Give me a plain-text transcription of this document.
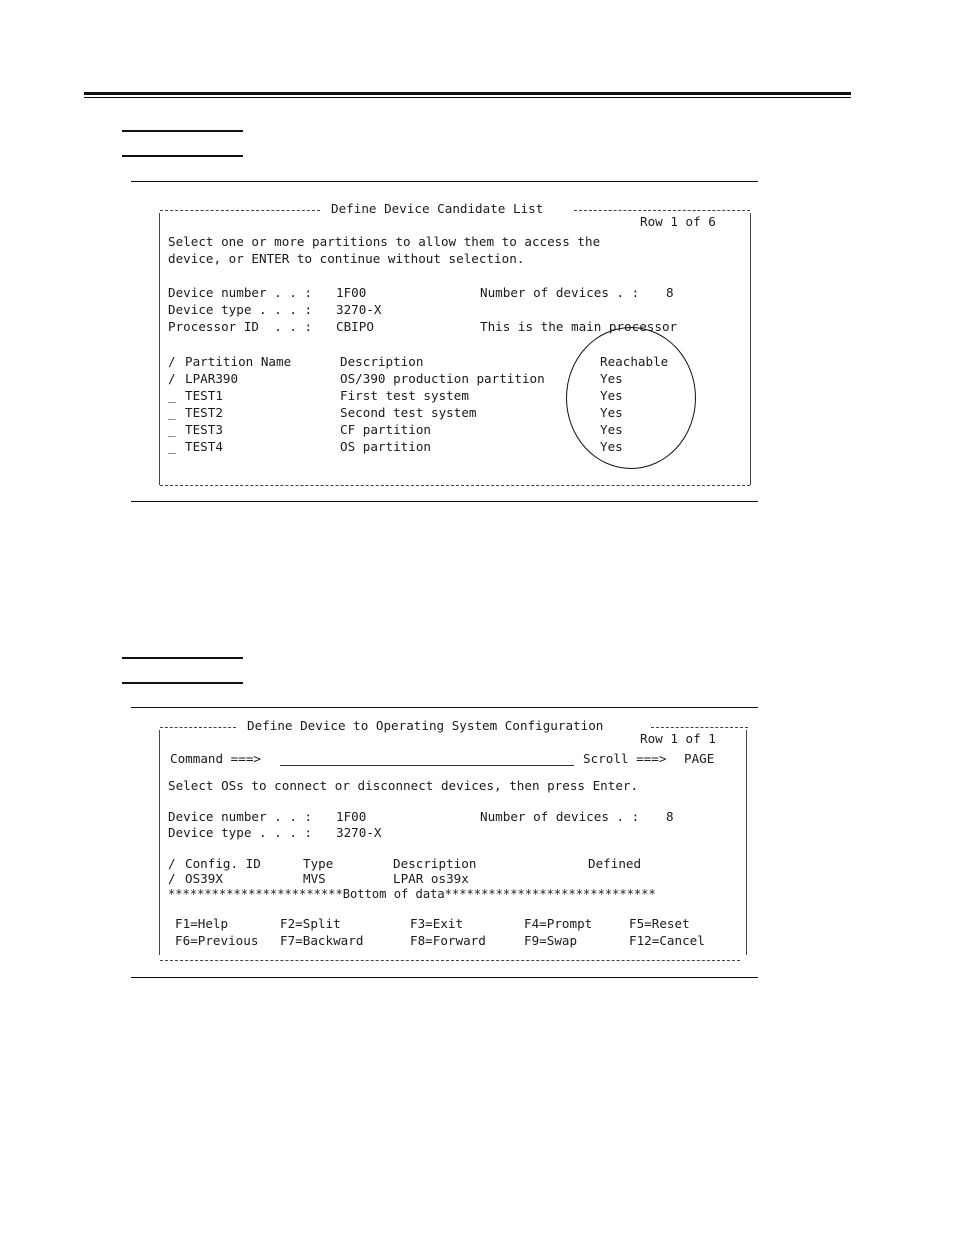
Define Device Candidate List
Row 1 of 6
Select one or more partitions to allow them to access the
device, or ENTER to continue without selection.
Device number . . : 1F00	Number of devices . : 8
Device type . . . : 3270-X
Processor ID  . . : CBIPO	This is the main processor
/ Partition Name	Description	Reachable
/ LPAR390	OS/390 production partition	Yes
_ TEST1	First test system	Yes
_ TEST2	Second test system	Yes
_ TEST3	CF partition	Yes
_ TEST4	OS partition	Yes
Define Device to Operating System Configuration
Row 1 of 1
Command ===>	Scroll ===> PAGE
Select OSs to connect or disconnect devices, then press Enter.
Device number . . : 1F00	Number of devices . : 8
Device type . . . : 3270-X
/ Config. ID	Type	Description	Defined
/ OS39X	MVS	LPAR os39x
************************Bottom of data*****************************
F1=Help	F2=Split	F3=Exit	F4=Prompt	F5=Reset
F6=Previous F7=Backward	F8=Forward	F9=Swap	F12=Cancel
